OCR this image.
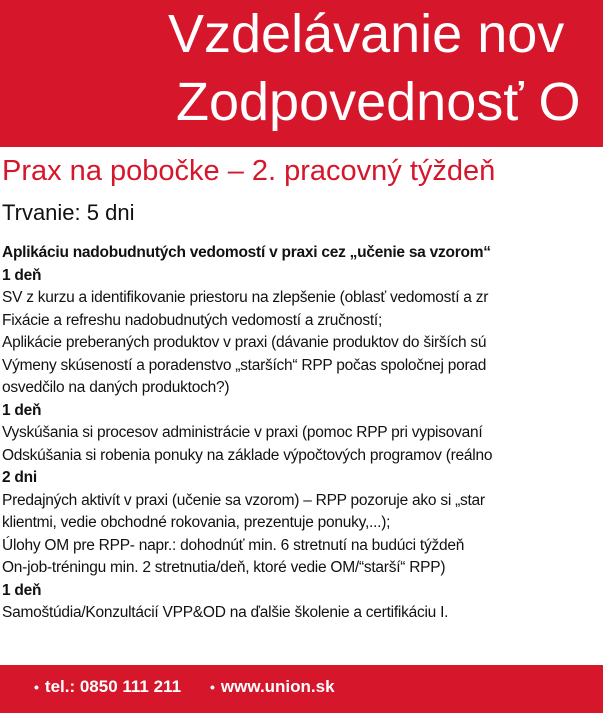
Vzdelávanie nov
Zodpovednosť O
Prax na pobočke – 2. pracovný týždeň
Trvanie: 5 dni
Aplikáciu nadobudnutých vedomostí v praxi cez „učenie sa vzorom“
1 deň
SV z kurzu a identifikovanie priestoru na zlepšenie (oblasť vedomostí a zr
Fixácie a refreshu nadobudnutých vedomostí a zručností;
Aplikácie preberaných produktov v praxi (dávanie produktov do širších sú
Výmeny skúseností a poradenstvo „starších“ RPP počas spoločnej porad
osvedčilo na daných produktoch?)
1 deň
Vyskúšania si procesov administrácie v praxi (pomoc RPP pri vypisovaní
Odskúšania si robenia ponuky na základe výpočtových programov (reálno
2 dni
Predajných aktivít v praxi (učenie sa vzorom) – RPP pozoruje ako si „star
klientmi, vedie obchodné rokovania, prezentuje ponuky,...);
Úlohy OM pre RPP- napr.: dohodnúť min. 6 stretnutí na budúci týždeň
On-job-tréningu min. 2 stretnutia/deň, ktoré vedie OM/“starší“ RPP)
1 deň
Samoštúdia/Konzultácií VPP&OD na ďalšie školenie a certifikáciu I.
• tel.: 0850 111 211 • www.union.sk
